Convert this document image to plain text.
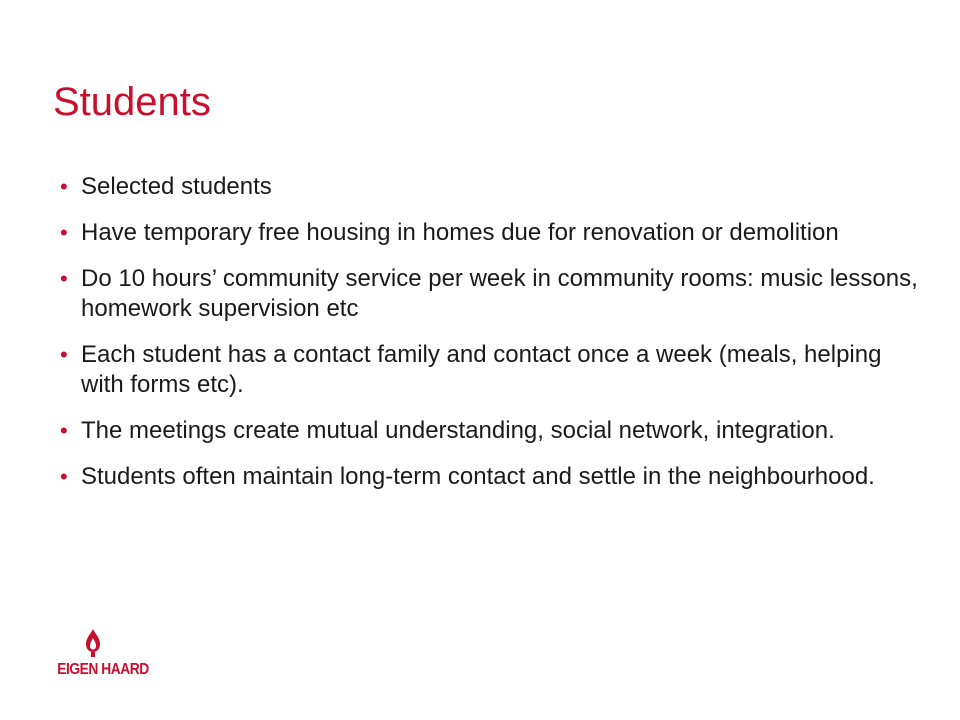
Students
• Selected students
• Have temporary free housing in homes due for renovation or demolition
• Do 10 hours’ community service per week in community rooms: music lessons, homework supervision etc
• Each student has a contact family and contact once a week (meals, helping with forms etc).
• The meetings create mutual understanding, social network, integration.
• Students often maintain long-term contact and settle in the neighbourhood.
EIGEN HAARD
